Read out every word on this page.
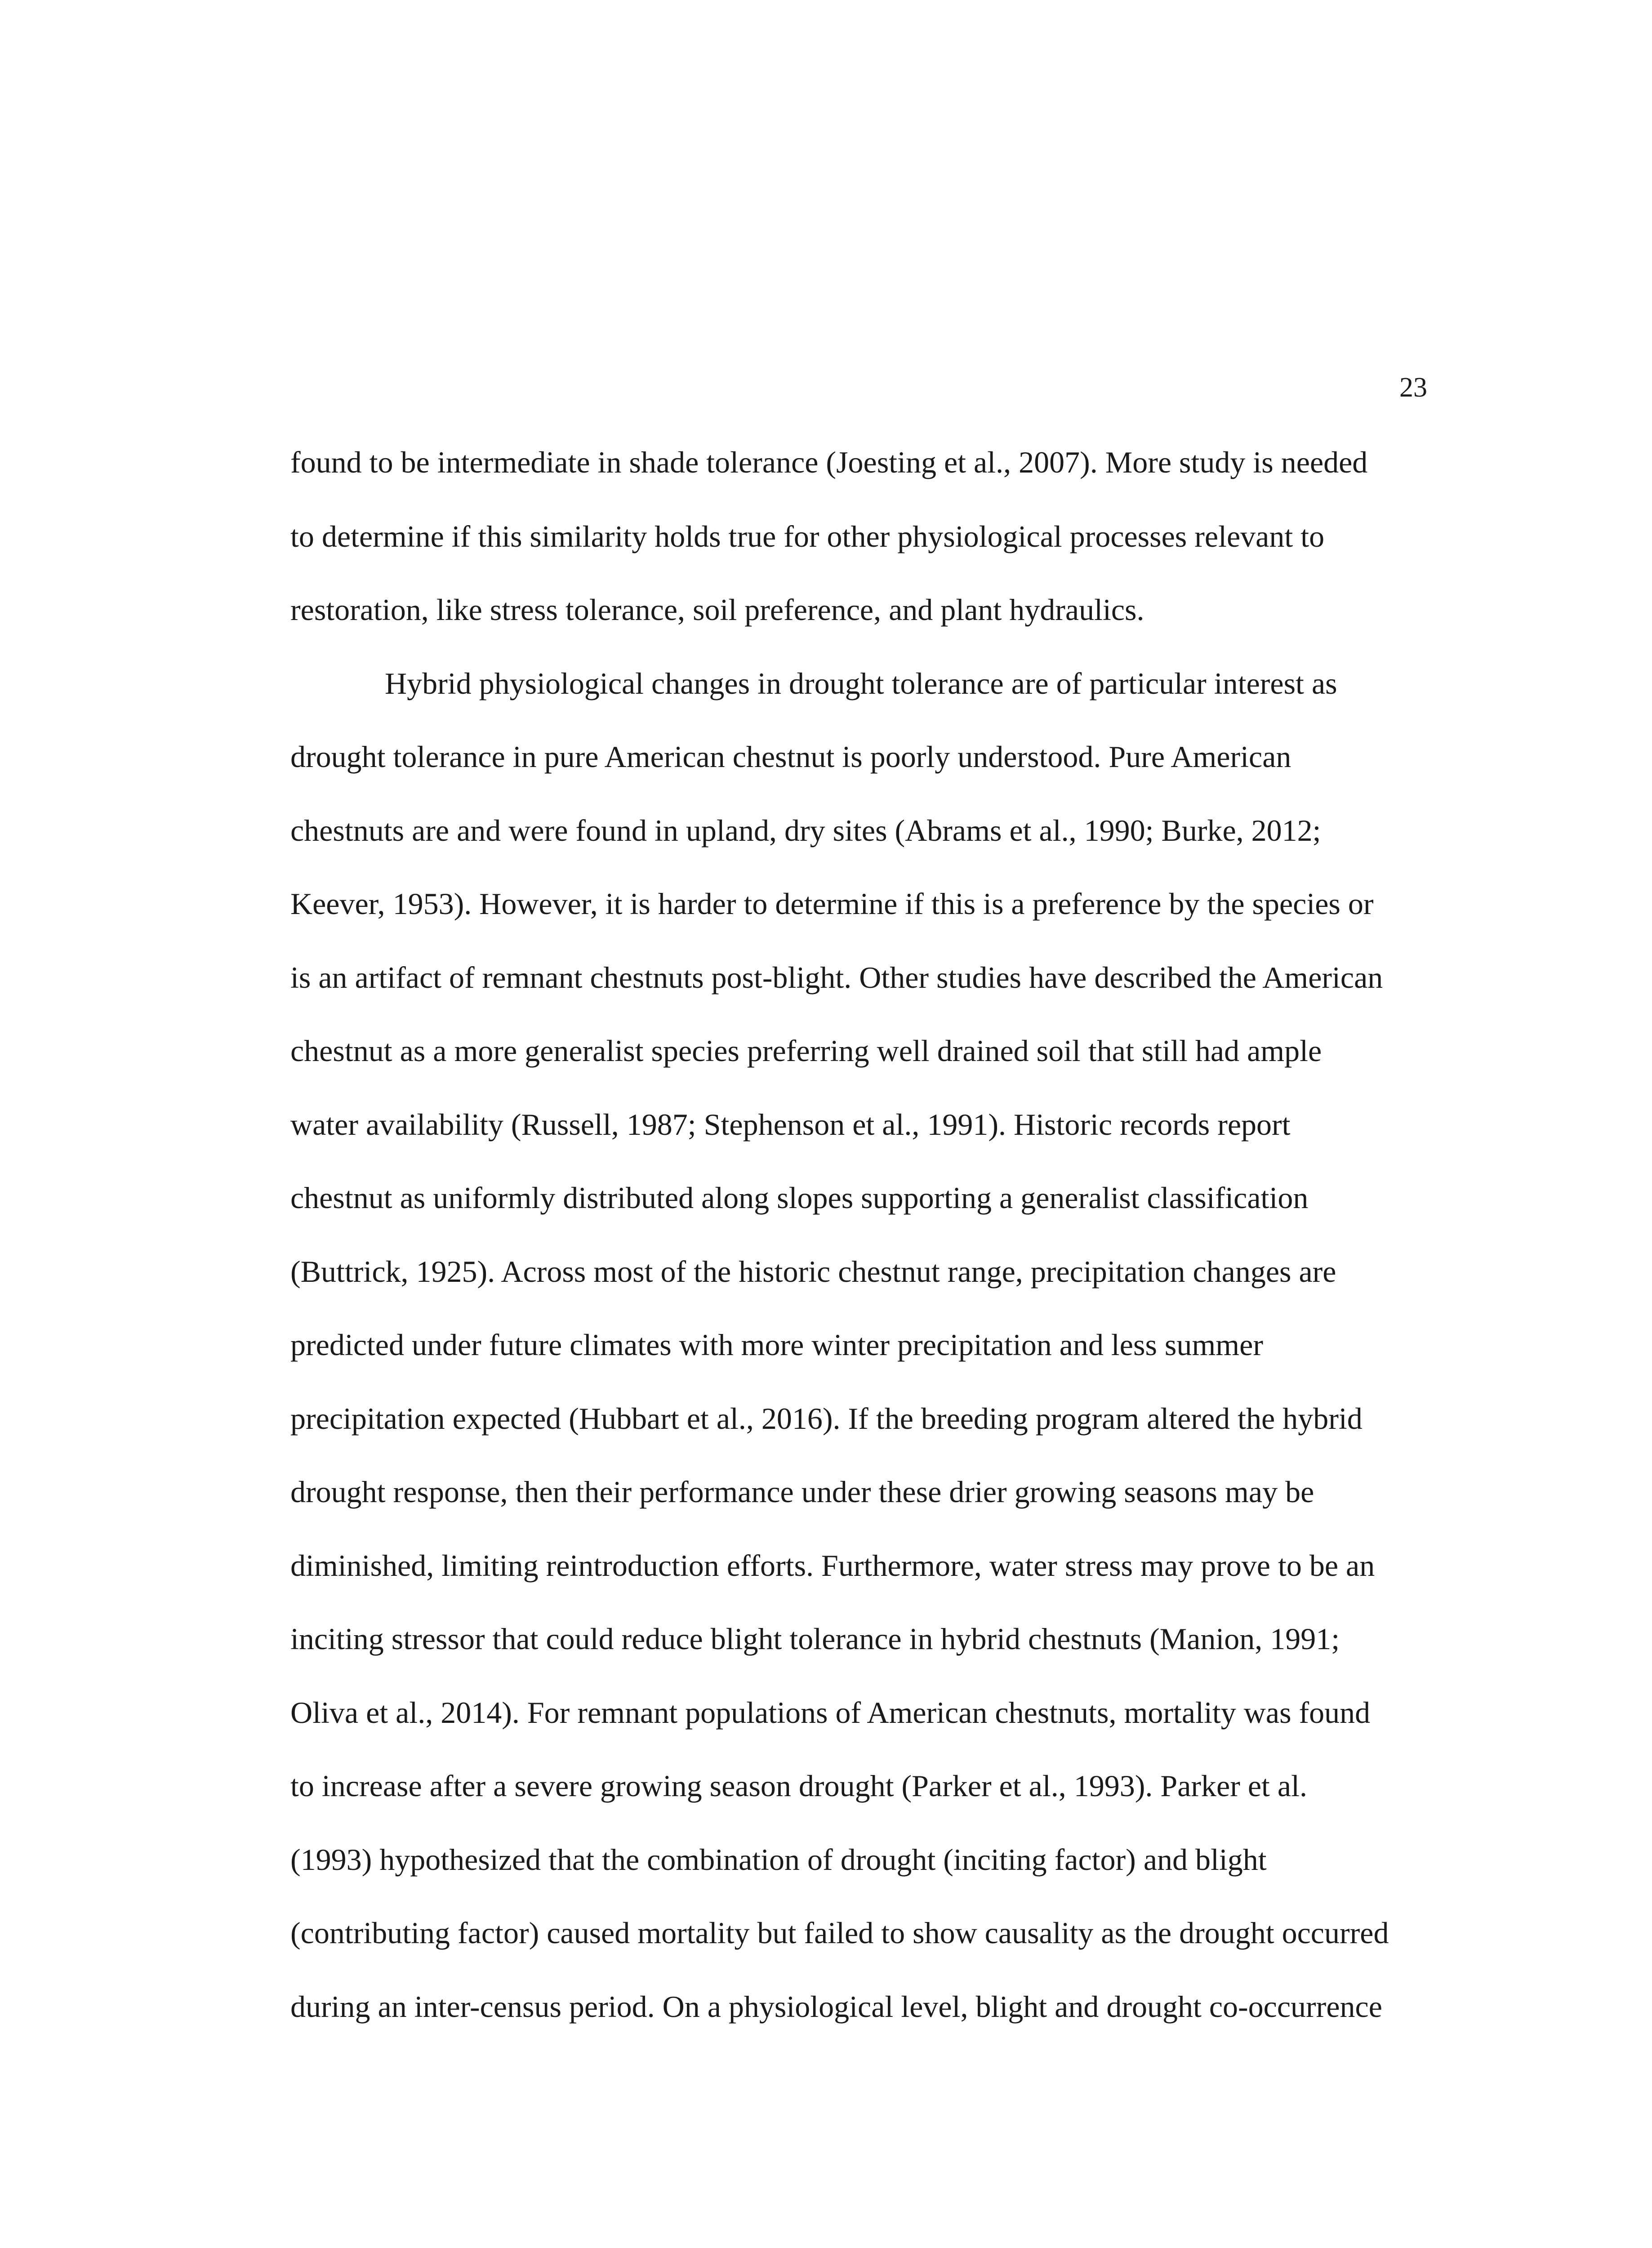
23
found to be intermediate in shade tolerance (Joesting et al., 2007). More study is needed
to determine if this similarity holds true for other physiological processes relevant to
restoration, like stress tolerance, soil preference, and plant hydraulics.
Hybrid physiological changes in drought tolerance are of particular interest as
drought tolerance in pure American chestnut is poorly understood. Pure American
chestnuts are and were found in upland, dry sites (Abrams et al., 1990; Burke, 2012;
Keever, 1953). However, it is harder to determine if this is a preference by the species or
is an artifact of remnant chestnuts post-blight. Other studies have described the American
chestnut as a more generalist species preferring well drained soil that still had ample
water availability (Russell, 1987; Stephenson et al., 1991). Historic records report
chestnut as uniformly distributed along slopes supporting a generalist classification
(Buttrick, 1925). Across most of the historic chestnut range, precipitation changes are
predicted under future climates with more winter precipitation and less summer
precipitation expected (Hubbart et al., 2016). If the breeding program altered the hybrid
drought response, then their performance under these drier growing seasons may be
diminished, limiting reintroduction efforts. Furthermore, water stress may prove to be an
inciting stressor that could reduce blight tolerance in hybrid chestnuts (Manion, 1991;
Oliva et al., 2014). For remnant populations of American chestnuts, mortality was found
to increase after a severe growing season drought (Parker et al., 1993). Parker et al.
(1993) hypothesized that the combination of drought (inciting factor) and blight
(contributing factor) caused mortality but failed to show causality as the drought occurred
during an inter-census period. On a physiological level, blight and drought co-occurrence
